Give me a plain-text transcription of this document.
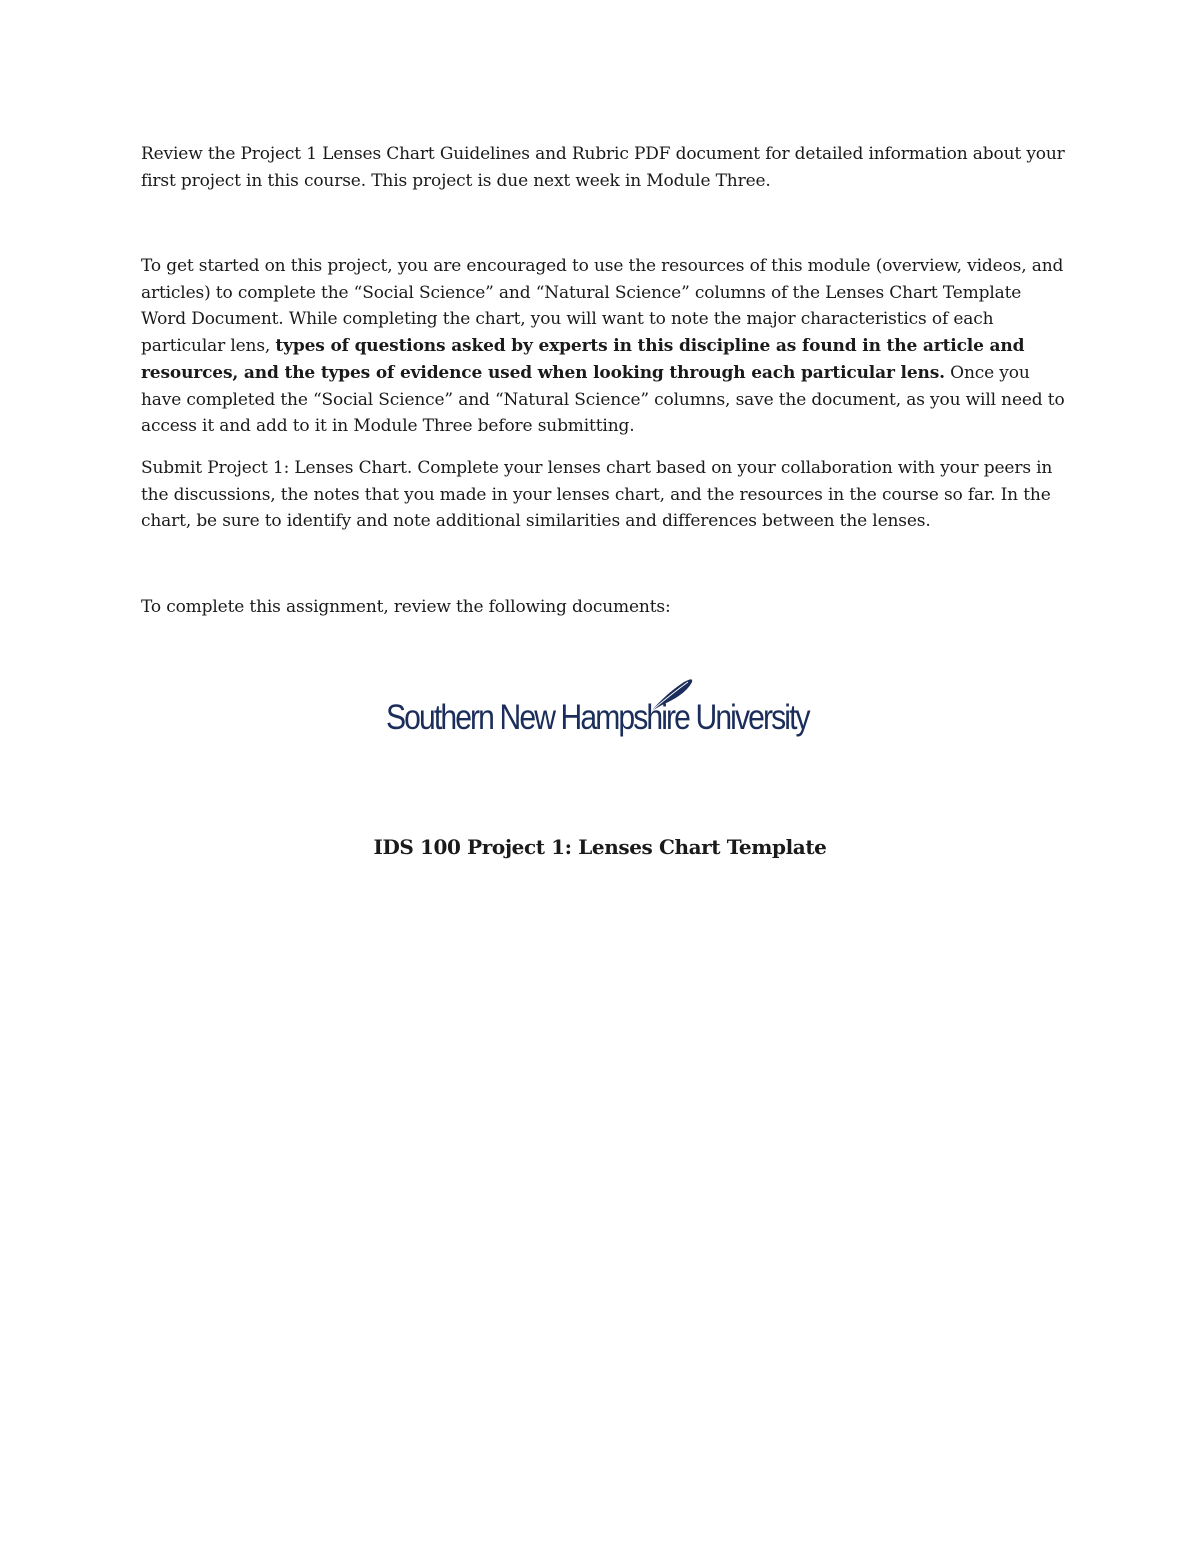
Review the Project 1 Lenses Chart Guidelines and Rubric PDF document for detailed information about your first project in this course. This project is due next week in Module Three.

To get started on this project, you are encouraged to use the resources of this module (overview, videos, and articles) to complete the “Social Science” and “Natural Science” columns of the Lenses Chart Template Word Document. While completing the chart, you will want to note the major characteristics of each particular lens, types of questions asked by experts in this discipline as found in the article and resources, and the types of evidence used when looking through each particular lens. Once you have completed the “Social Science” and “Natural Science” columns, save the document, as you will need to access it and add to it in Module Three before submitting.

Submit Project 1: Lenses Chart. Complete your lenses chart based on your collaboration with your peers in the discussions, the notes that you made in your lenses chart, and the resources in the course so far. In the chart, be sure to identify and note additional similarities and differences between the lenses.

To complete this assignment, review the following documents:

Southern New Hampshire University
IDS 100 Project 1: Lenses Chart Template
